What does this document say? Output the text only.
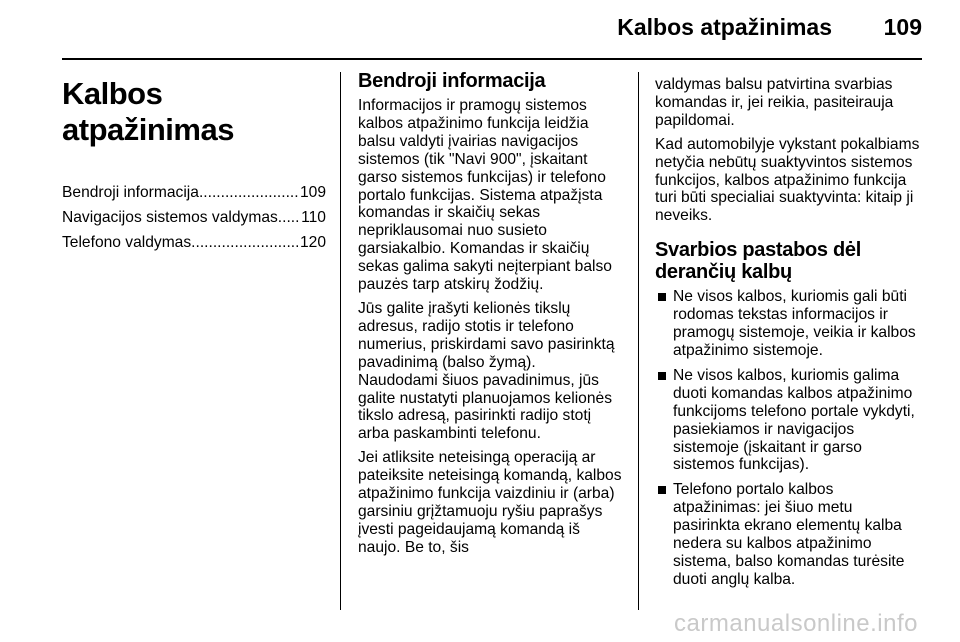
Kalbos atpažinimas 109
Kalbos atpažinimas
Bendroji informacija .....	109
Navigacijos sistemos valdymas ..... 110
Telefono valdymas .....	120
Bendroji informacija

Informacijos ir pramogų sistemos kalbos atpažinimo funkcija leidžia balsu valdyti įvairias navigacijos sistemos (tik "Navi 900", įskaitant garso sistemos funkcijas) ir telefono portalo funkcijas. Sistema atpažįsta komandas ir skaičių sekas nepriklausomai nuo susieto garsiakalbio. Komandas ir skaičių sekas galima sakyti neįterpiant balso pauzės tarp atskirų žodžių.

Jūs galite įrašyti kelionės tikslų adresus, radijo stotis ir telefono numerius, priskirdami savo pasirinktą pavadinimą (balso žymą).

Naudodami šiuos pavadinimus, jūs galite nustatyti planuojamos kelionės tikslo adresą, pasirinkti radijo stotį arba paskambinti telefonu.

Jei atliksite neteisingą operaciją ar pateiksite neteisingą komandą, kalbos atpažinimo funkcija vaizdiniu ir (arba) garsiniu grįžtamuoju ryšiu paprašys įvesti pageidaujamą komandą iš naujo. Be to, šis

valdymas balsu patvirtina svarbias komandas ir, jei reikia, pasiteirauja papildomai.

Kad automobilyje vykstant pokalbiams netyčia nebūtų suaktyvintos sistemos funkcijos, kalbos atpažinimo funkcija turi būti specialiai suaktyvinta: kitaip ji neveiks.

Svarbios pastabos dėl derančių kalbų
Ne visos kalbos, kuriomis gali būti rodomas tekstas informacijos ir pramogų sistemoje, veikia ir kalbos atpažinimo sistemoje.
Ne visos kalbos, kuriomis galima duoti komandas kalbos atpažinimo funkcijoms telefono portale vykdyti, pasiekiamos ir navigacijos sistemoje (įskaitant ir garso sistemos funkcijas).
Telefono portalo kalbos atpažinimas: jei šiuo metu pasirinkta ekrano elementų kalba nedera su kalbos atpažinimo sistema, balso komandas turėsite duoti anglų kalba.
carmanualsonline.info
